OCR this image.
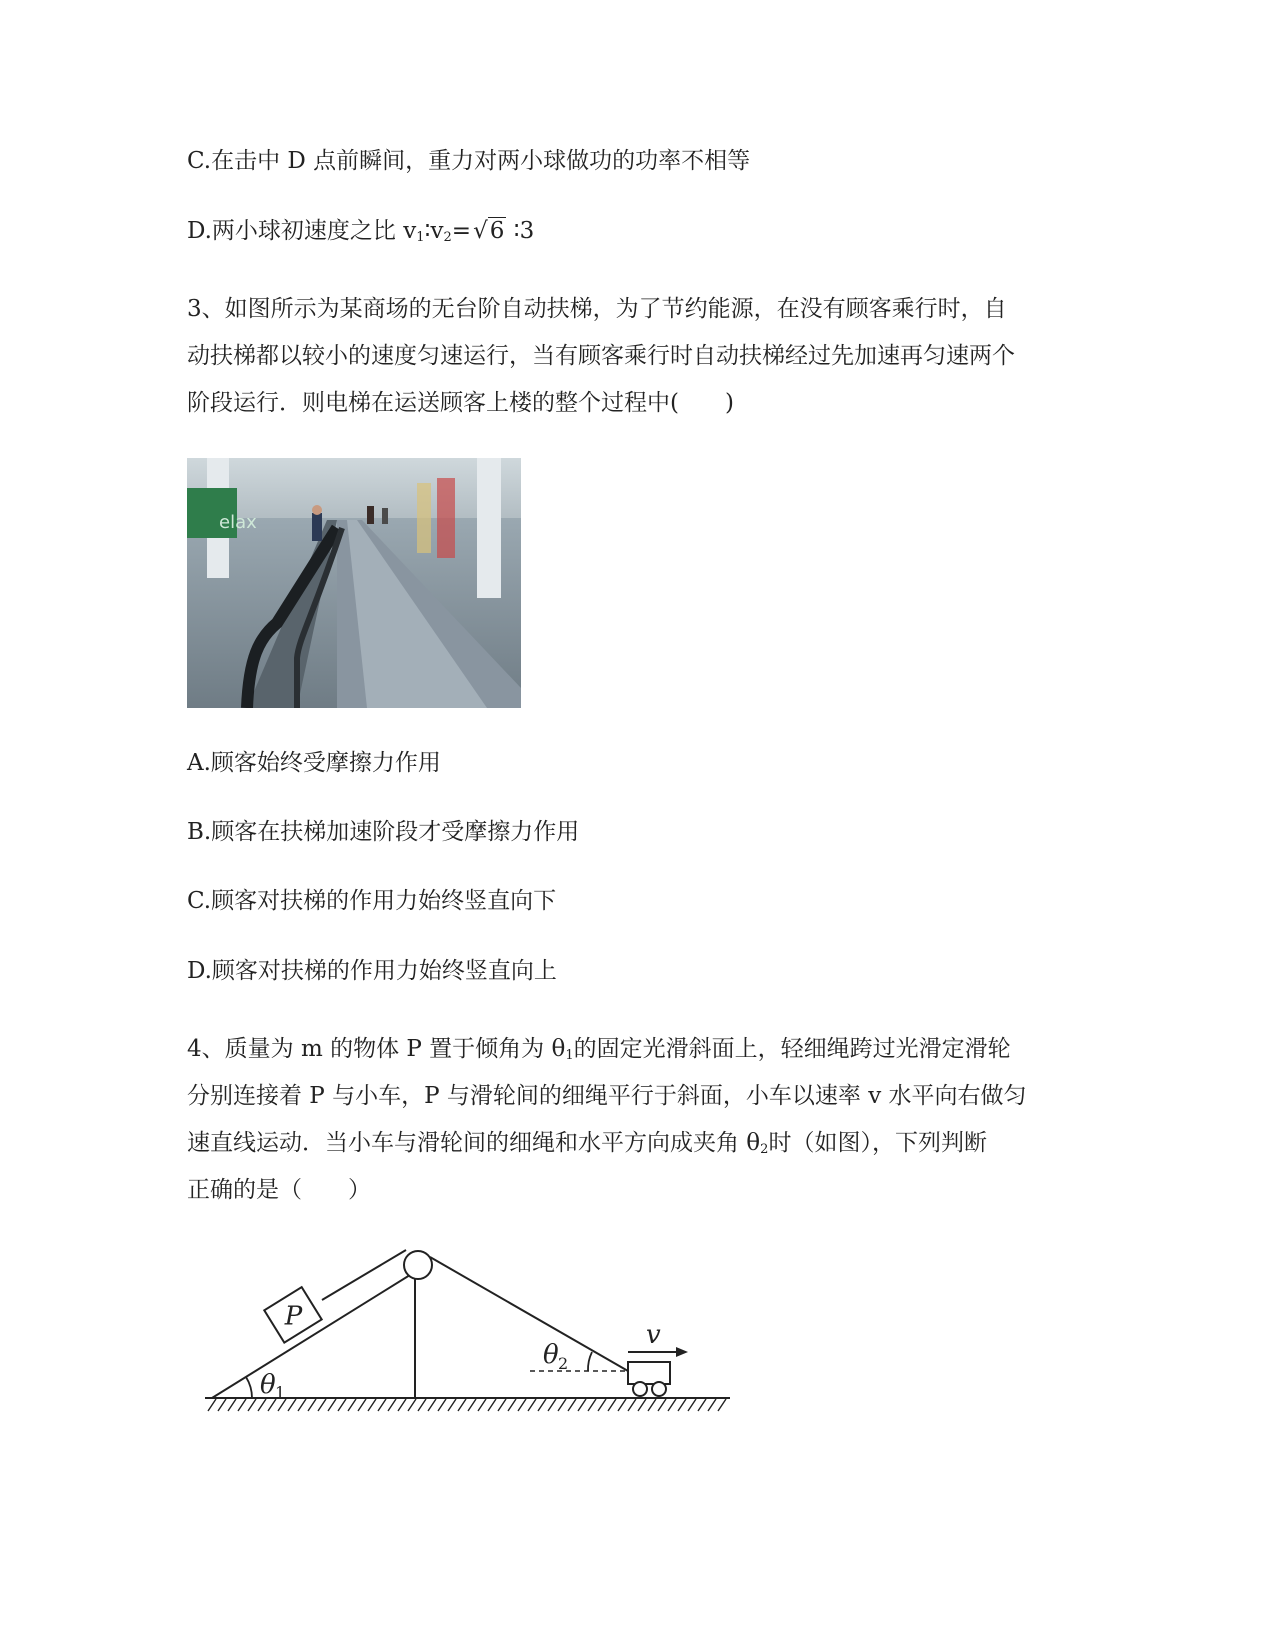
C.在击中 D 点前瞬间，重力对两小球做功的功率不相等
D.两小球初速度之比 $v_1∶v_2=√6$ ∶3
3、如图所示为某商场的无台阶自动扶梯，为了节约能源，在没有顾客乘行时，自
动扶梯都以较小的速度匀速运行，当有顾客乘行时自动扶梯经过先加速再匀速两个
阶段运行．则电梯在运送顾客上楼的整个过程中(　　)
elax
A.顾客始终受摩擦力作用
B.顾客在扶梯加速阶段才受摩擦力作用
C.顾客对扶梯的作用力始终竖直向下
D.顾客对扶梯的作用力始终竖直向上
4、质量为 m 的物体 P 置于倾角为 $\theta_1$的固定光滑斜面上，轻细绳跨过光滑定滑轮
分别连接着 P 与小车，P 与滑轮间的细绳平行于斜面，小车以速率 v 水平向右做匀
速直线运动．当小车与滑轮间的细绳和水平方向成夹角 $\theta_2$时（如图），下列判断
正确的是（　　）
P
θ 1
θ 2
v
